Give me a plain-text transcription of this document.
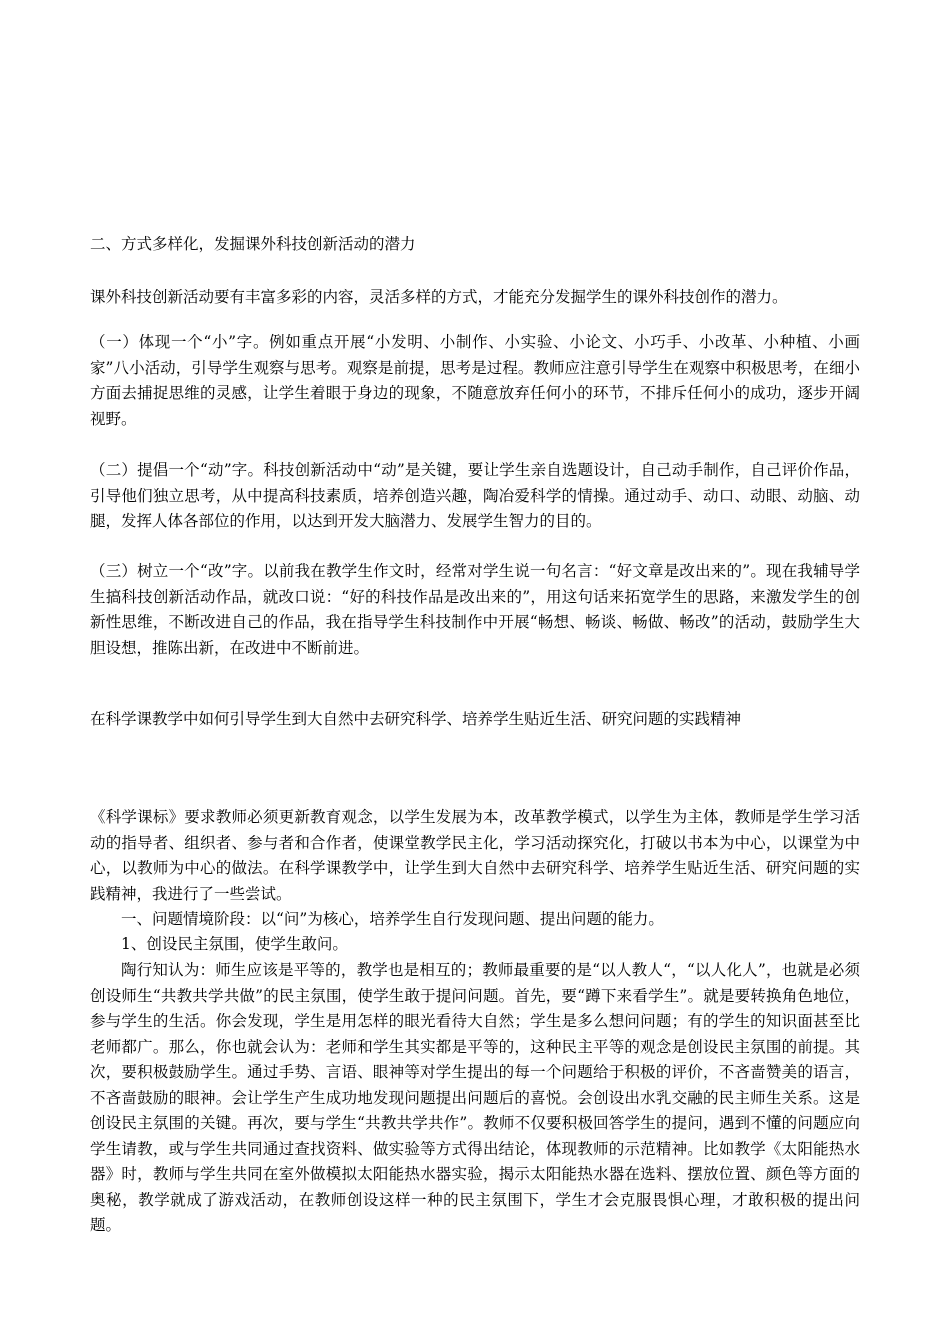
二、方式多样化，发掘课外科技创新活动的潜力

课外科技创新活动要有丰富多彩的内容，灵活多样的方式，才能充分发掘学生的课外科技创作的潜力。

（一）体现一个“小”字。例如重点开展“小发明、小制作、小实验、小论文、小巧手、小改革、小种植、小画家”八小活动，引导学生观察与思考。观察是前提，思考是过程。教师应注意引导学生在观察中积极思考，在细小方面去捕捉思维的灵感，让学生着眼于身边的现象，不随意放弃任何小的环节，不排斥任何小的成功，逐步开阔视野。

（二）提倡一个“动”字。科技创新活动中“动”是关键，要让学生亲自选题设计，自己动手制作，自己评价作品，引导他们独立思考，从中提高科技素质，培养创造兴趣，陶冶爱科学的情操。通过动手、动口、动眼、动脑、动腿，发挥人体各部位的作用，以达到开发大脑潜力、发展学生智力的目的。

（三）树立一个“改”字。以前我在教学生作文时，经常对学生说一句名言：“好文章是改出来的”。现在我辅导学生搞科技创新活动作品，就改口说：“好的科技作品是改出来的”，用这句话来拓宽学生的思路，来激发学生的创新性思维，不断改进自己的作品，我在指导学生科技制作中开展“畅想、畅谈、畅做、畅改”的活动，鼓励学生大胆设想，推陈出新，在改进中不断前进。

在科学课教学中如何引导学生到大自然中去研究科学、培养学生贴近生活、研究问题的实践精神

《科学课标》要求教师必须更新教育观念，以学生发展为本，改革教学模式，以学生为主体，教师是学生学习活动的指导者、组织者、参与者和合作者，使课堂教学民主化，学习活动探究化，打破以书本为中心，以课堂为中心，以教师为中心的做法。在科学课教学中，让学生到大自然中去研究科学、培养学生贴近生活、研究问题的实践精神，我进行了一些尝试。

一、问题情境阶段：以“问”为核心，培养学生自行发现问题、提出问题的能力。

1、创设民主氛围，使学生敢问。

陶行知认为：师生应该是平等的，教学也是相互的；教师最重要的是“以人教人“，“以人化人”，也就是必须创设师生“共教共学共做”的民主氛围，使学生敢于提问问题。首先，要“蹲下来看学生”。就是要转换角色地位，参与学生的生活。你会发现，学生是用怎样的眼光看待大自然；学生是多么想问问题；有的学生的知识面甚至比老师都广。那么，你也就会认为：老师和学生其实都是平等的，这种民主平等的观念是创设民主氛围的前提。其次，要积极鼓励学生。通过手势、言语、眼神等对学生提出的每一个问题给于积极的评价，不吝啬赞美的语言，不吝啬鼓励的眼神。会让学生产生成功地发现问题提出问题后的喜悦。会创设出水乳交融的民主师生关系。这是创设民主氛围的关键。再次，要与学生“共教共学共作”。教师不仅要积极回答学生的提问，遇到不懂的问题应向学生请教，或与学生共同通过查找资料、做实验等方式得出结论，体现教师的示范精神。比如教学《太阳能热水器》时，教师与学生共同在室外做模拟太阳能热水器实验，揭示太阳能热水器在选料、摆放位置、颜色等方面的奥秘，教学就成了游戏活动，在教师创设这样一种的民主氛围下，学生才会克服畏惧心理，才敢积极的提出问题。
